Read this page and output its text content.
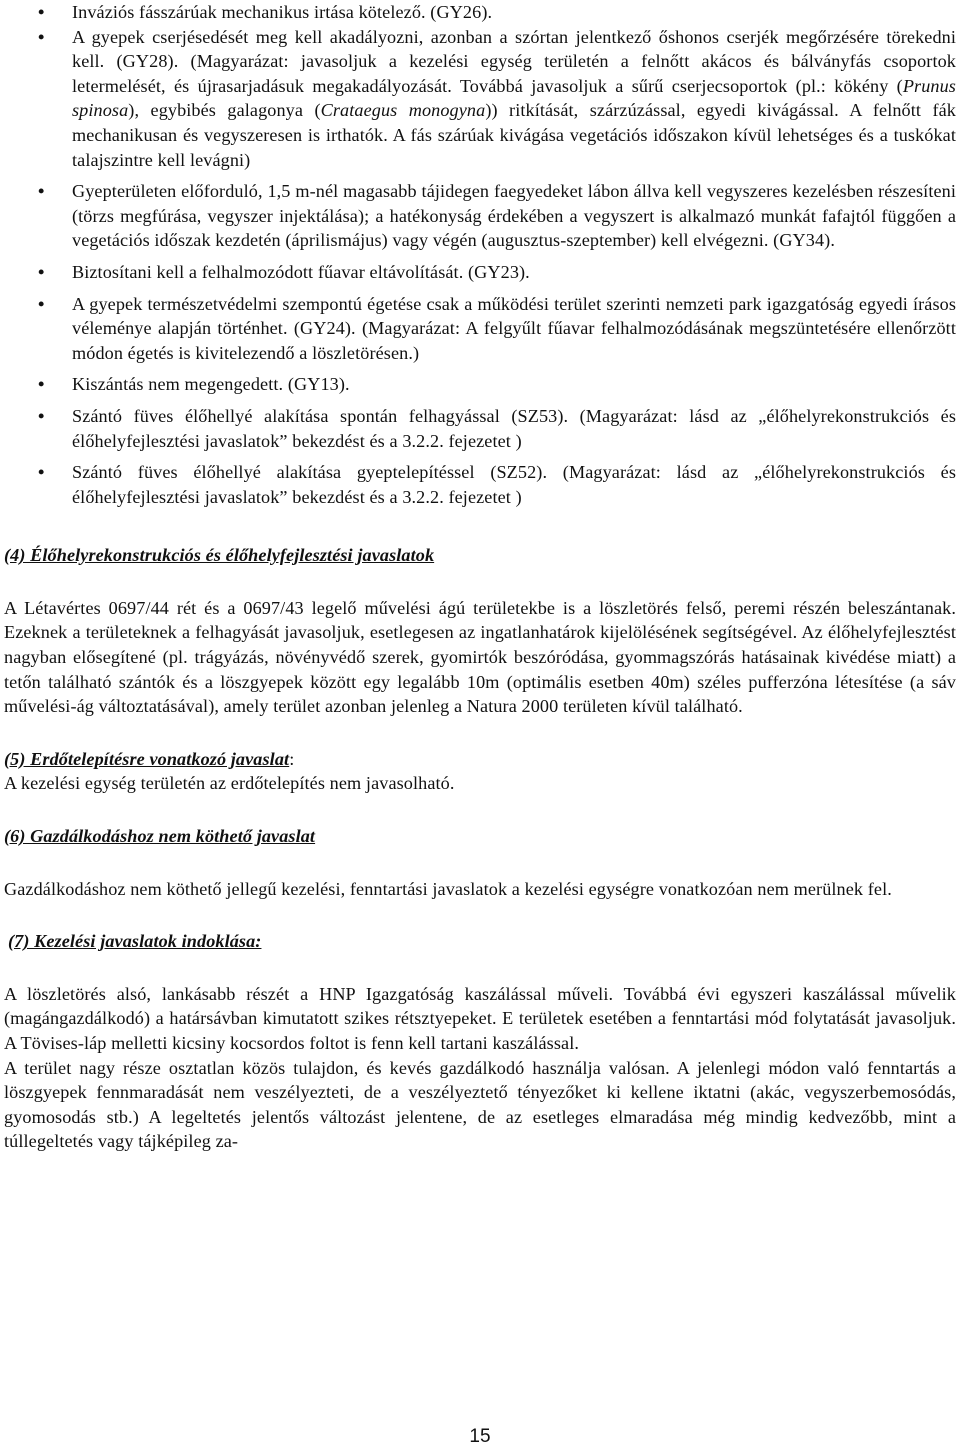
• Inváziós fásszárúak mechanikus irtása kötelező. (GY26).
• A gyepek cserjésedését meg kell akadályozni, azonban a szórtan jelentkező őshonos cserjék megőrzésére törekedni kell. (GY28). (Magyarázat: javasoljuk a kezelési egység területén a felnőtt akácos és bálványfás csoportok letermelését, és újrasarjadásuk megakadályozását. Továbbá javasoljuk a sűrű cserjecsoportok (pl.: kökény (Prunus spinosa), egybibés galagonya (Crataegus monogyna)) ritkítását, szárzúzással, egyedi kivágással. A felnőtt fák mechanikusan és vegyszeresen is irthatók. A fás szárúak kivágása vegetációs időszakon kívül lehetséges és a tuskókat talajszintre kell levágni)
• Gyepterületen előforduló, 1,5 m-nél magasabb tájidegen faegyedeket lábon állva kell vegyszeres kezelésben részesíteni (törzs megfúrása, vegyszer injektálása); a hatékonyság érdekében a vegyszert is alkalmazó munkát fafajtól függően a vegetációs időszak kezdetén (áprilismájus) vagy végén (augusztus-szeptember) kell elvégezni. (GY34).
• Biztosítani kell a felhalmozódott fűavar eltávolítását. (GY23).
• A gyepek természetvédelmi szempontú égetése csak a működési terület szerinti nemzeti park igazgatóság egyedi írásos véleménye alapján történhet. (GY24). (Magyarázat: A felgyűlt fűavar felhalmozódásának megszüntetésére ellenőrzött módon égetés is kivitelezendő a löszletörésen.)
• Kiszántás nem megengedett. (GY13).
• Szántó füves élőhellyé alakítása spontán felhagyással (SZ53). (Magyarázat: lásd az „élőhelyrekonstrukciós és élőhelyfejlesztési javaslatok” bekezdést és a 3.2.2. fejezetet )
• Szántó füves élőhellyé alakítása gyeptelepítéssel (SZ52). (Magyarázat: lásd az „élőhelyrekonstrukciós és élőhelyfejlesztési javaslatok” bekezdést és a 3.2.2. fejezetet )
(4) Élőhelyrekonstrukciós és élőhelyfejlesztési javaslatok

A Létavértes 0697/44 rét és a 0697/43 legelő művelési ágú területekbe is a löszletörés felső, peremi részén beleszántanak. Ezeknek a területeknek a felhagyását javasoljuk, esetlegesen az ingatlanhatárok kijelölésének segítségével. Az élőhelyfejlesztést nagyban elősegítené (pl. trágyázás, növényvédő szerek, gyomirtók beszóródása, gyommagszórás hatásainak kivédése miatt) a tetőn található szántók és a löszgyepek között egy legalább 10m (optimális esetben 40m) széles pufferzóna létesítése (a sáv művelési-ág változtatásával), amely terület azonban jelenleg a Natura 2000 területen kívül található.

(5) Erdőtelepítésre vonatkozó javaslat:

A kezelési egység területén az erdőtelepítés nem javasolható.

(6) Gazdálkodáshoz nem köthető javaslat

Gazdálkodáshoz nem köthető jellegű kezelési, fenntartási javaslatok a kezelési egységre vonatkozóan nem merülnek fel.

(7) Kezelési javaslatok indoklása:

A löszletörés alsó, lankásabb részét a HNP Igazgatóság kaszálással műveli. Továbbá évi egyszeri kaszálással művelik (magángazdálkodó) a határsávban kimutatott szikes rétsztyepeket. E területek esetében a fenntartási mód folytatását javasoljuk. A Tövises-láp melletti kicsiny kocsordos foltot is fenn kell tartani kaszálással.

A terület nagy része osztatlan közös tulajdon, és kevés gazdálkodó használja valósan. A jelenlegi módon való fenntartás a löszgyepek fennmaradását nem veszélyezteti, de a veszélyeztető tényezőket ki kellene iktatni (akác, vegyszerbemosódás, gyomosodás stb.) A legeltetés jelentős változást jelentene, de az esetleges elmaradása még mindig kedvezőbb, mint a túllegeltetés vagy tájképileg za-

15
